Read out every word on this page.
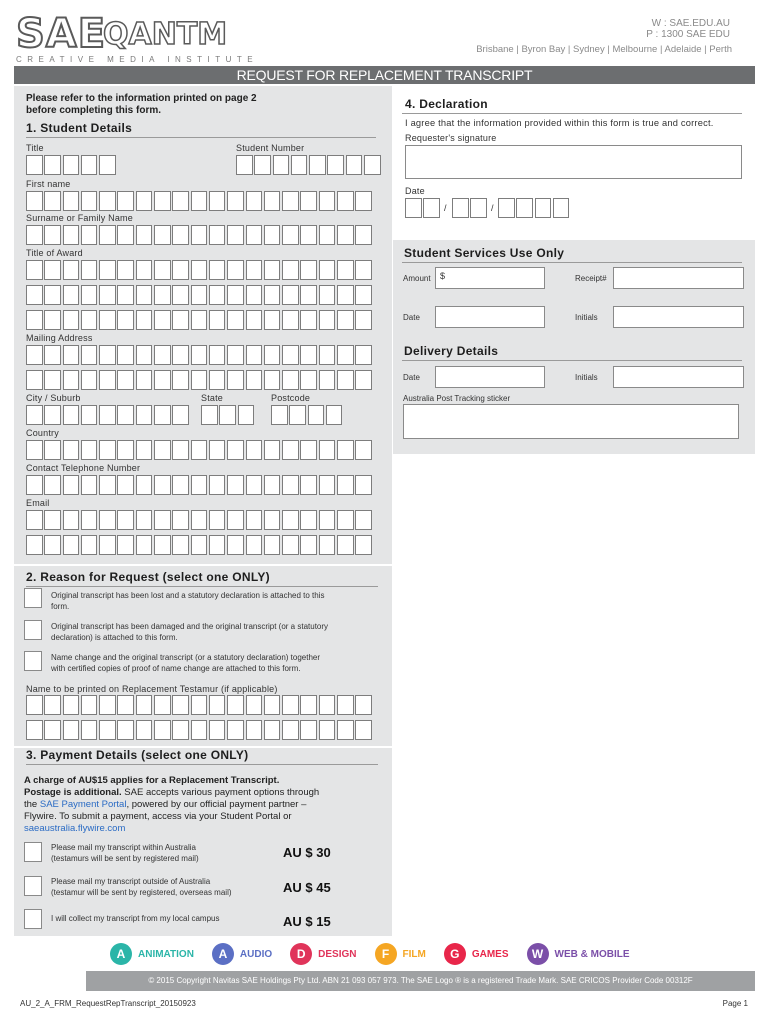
SAE
QANTM
CREATIVE MEDIA INSTITUTE
W : SAE.EDU.AU
P : 1300 SAE EDU
Brisbane | Byron Bay | Sydney | Melbourne | Adelaide | Perth
REQUEST FOR REPLACEMENT TRANSCRIPT
Please refer to the information printed on page 2
before completing this form.
1. Student Details
Title	Student Number
First name
Surname or Family Name
Title of Award
Mailing Address
City / Suburb	State	Postcode
Country
Contact Telephone Number
Email
4. Declaration
I agree that the information provided within this form is true and correct.
Requester's signature
Date
/	/
Student Services Use Only
Amount $	Receipt#
Date	Initials
Delivery Details
Date	Initials
Australia Post Tracking sticker
2. Reason for Request (select one ONLY)
Original transcript has been lost and a statutory declaration is attached to this
form.
Original transcript has been damaged and the original transcript (or a statutory
declaration) is attached to this form.
Name change and the original transcript (or a statutory declaration) together
with certified copies of proof of name change are attached to this form.
Name to be printed on Replacement Testamur (if applicable)
3. Payment Details (select one ONLY)
A charge of AU$15 applies for a Replacement Transcript.
Postage is additional. SAE accepts various payment options through
the SAE Payment Portal, powered by our official payment partner –
Flywire. To submit a payment, access via your Student Portal or
saeaustralia.flywire.com
Please mail my transcript within Australia
(testamurs will be sent by registered mail)	AU $ 30
Please mail my transcript outside of Australia
(testamur will be sent by registered, overseas mail)	AU $ 45
I will collect my transcript from my local campus	AU $ 15
A	ANIMATION	A	AUDIO	D	DESIGN	F	FILM	G	GAMES	W	WEB & MOBILE
© 2015 Copyright Navitas SAE Holdings Pty Ltd. ABN 21 093 057 973. The SAE Logo ® is a registered Trade Mark. SAE CRICOS Provider Code 00312F
AU_2_A_FRM_RequestRepTranscript_20150923	Page 1
